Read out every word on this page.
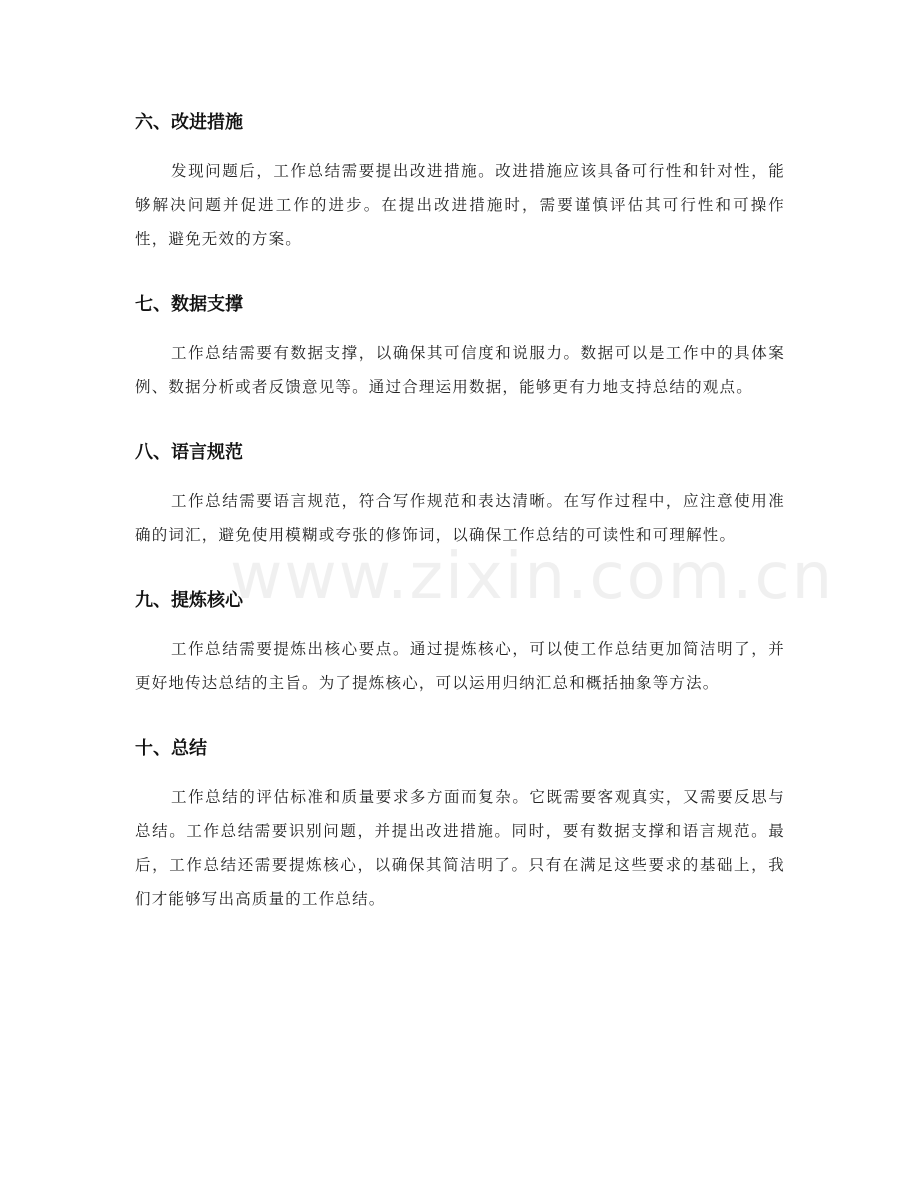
六、改进措施

发现问题后，工作总结需要提出改进措施。改进措施应该具备可行性和针对性，能够解决问题并促进工作的进步。在提出改进措施时，需要谨慎评估其可行性和可操作性，避免无效的方案。

七、数据支撑

工作总结需要有数据支撑，以确保其可信度和说服力。数据可以是工作中的具体案例、数据分析或者反馈意见等。通过合理运用数据，能够更有力地支持总结的观点。

八、语言规范

工作总结需要语言规范，符合写作规范和表达清晰。在写作过程中，应注意使用准确的词汇，避免使用模糊或夸张的修饰词，以确保工作总结的可读性和可理解性。

九、提炼核心

工作总结需要提炼出核心要点。通过提炼核心，可以使工作总结更加简洁明了，并更好地传达总结的主旨。为了提炼核心，可以运用归纳汇总和概括抽象等方法。

十、总结

工作总结的评估标准和质量要求多方面而复杂。它既需要客观真实，又需要反思与总结。工作总结需要识别问题，并提出改进措施。同时，要有数据支撑和语言规范。最后，工作总结还需要提炼核心，以确保其简洁明了。只有在满足这些要求的基础上，我们才能够写出高质量的工作总结。

www.zixin.com.cn
